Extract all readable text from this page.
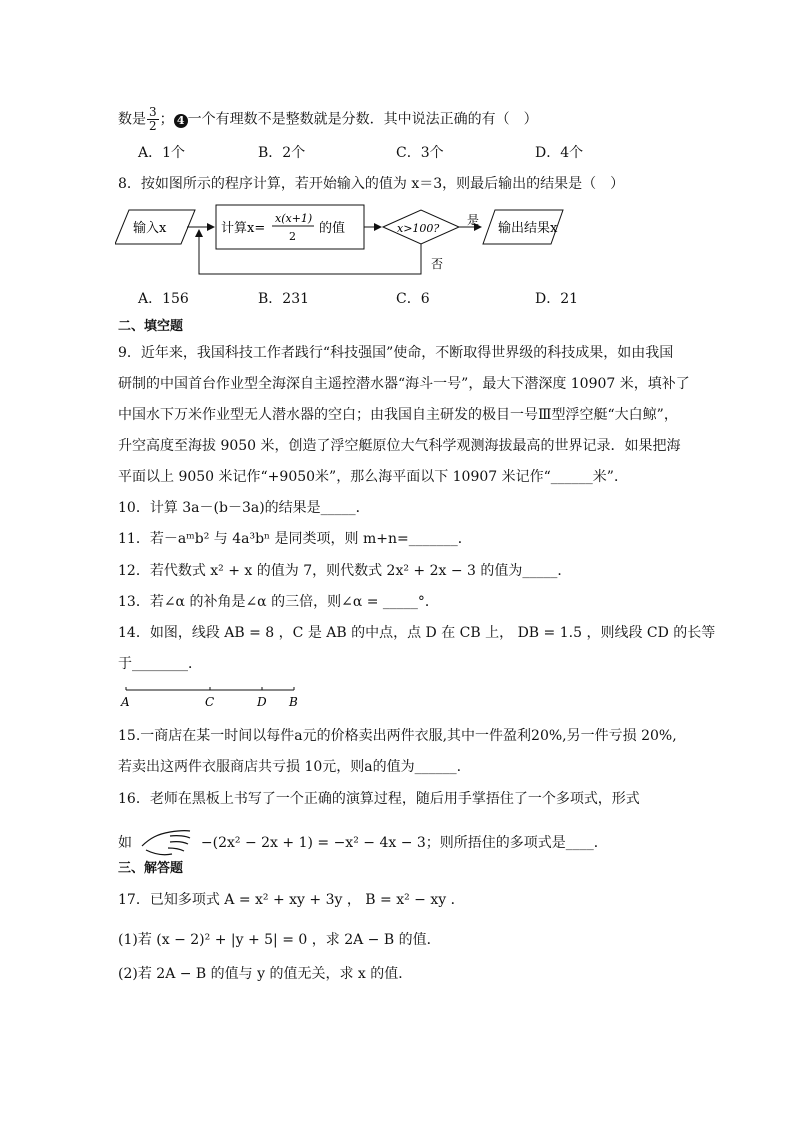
数是 $\frac{3}{2}$ ； 4 一个有理数不是整数就是分数．其中说法正确的有（　）
A．1个	B．2个	C．3个	D．4个
8．按如图所示的程序计算，若开始输入的值为 x＝3，则最后输出的结果是（　）
输入x
否
是
输出结果x
x>100?
计算x=
x(x+1)
2
的值
A．156	B．231	C．6	D．21
二、填空题
9．近年来，我国科技工作者践行“科技强国”使命，不断取得世界级的科技成果，如由我国
研制的中国首台作业型全海深自主遥控潜水器“海斗一号”，最大下潜深度 10907 米，填补了
中国水下万米作业型无人潜水器的空白；由我国自主研发的极目一号Ⅲ型浮空艇“大白鲸”，
升空高度至海拔 9050 米，创造了浮空艇原位大气科学观测海拔最高的世界记录．如果把海
平面以上 9050 米记作“+9050米”，那么海平面以下 10907 米记作“______米”．
10．计算 3a－(b－3a)的结果是_____．
11．若－aᵐb² 与 4a³bⁿ 是同类项，则 m+n=_______．
12．若代数式 x² + x 的值为 7，则代数式 2x² + 2x − 3 的值为_____．
13．若∠α 的补角是∠α 的三倍，则∠α = _____°．
14．如图，线段 AB = 8 ，C 是 AB 的中点，点 D 在 CB 上， DB = 1.5 ，则线段 CD 的长等
于________．
A	C	D B
15.一商店在某一时间以每件a元的价格卖出两件衣服,其中一件盈利20%,另一件亏损 20%,
若卖出这两件衣服商店共亏损 10元，则a的值为______.
16．老师在黑板上书写了一个正确的演算过程，随后用手掌捂住了一个多项式，形式
如	−(2x² − 2x + 1) = −x² − 4x − 3；则所捂住的多项式是____．
三、解答题
17．已知多项式 A = x² + xy + 3y ， B = x² − xy ．
(1)若 (x − 2)² + |y + 5| = 0 ，求 2A − B 的值．
(2)若 2A − B 的值与 y 的值无关，求 x 的值．
